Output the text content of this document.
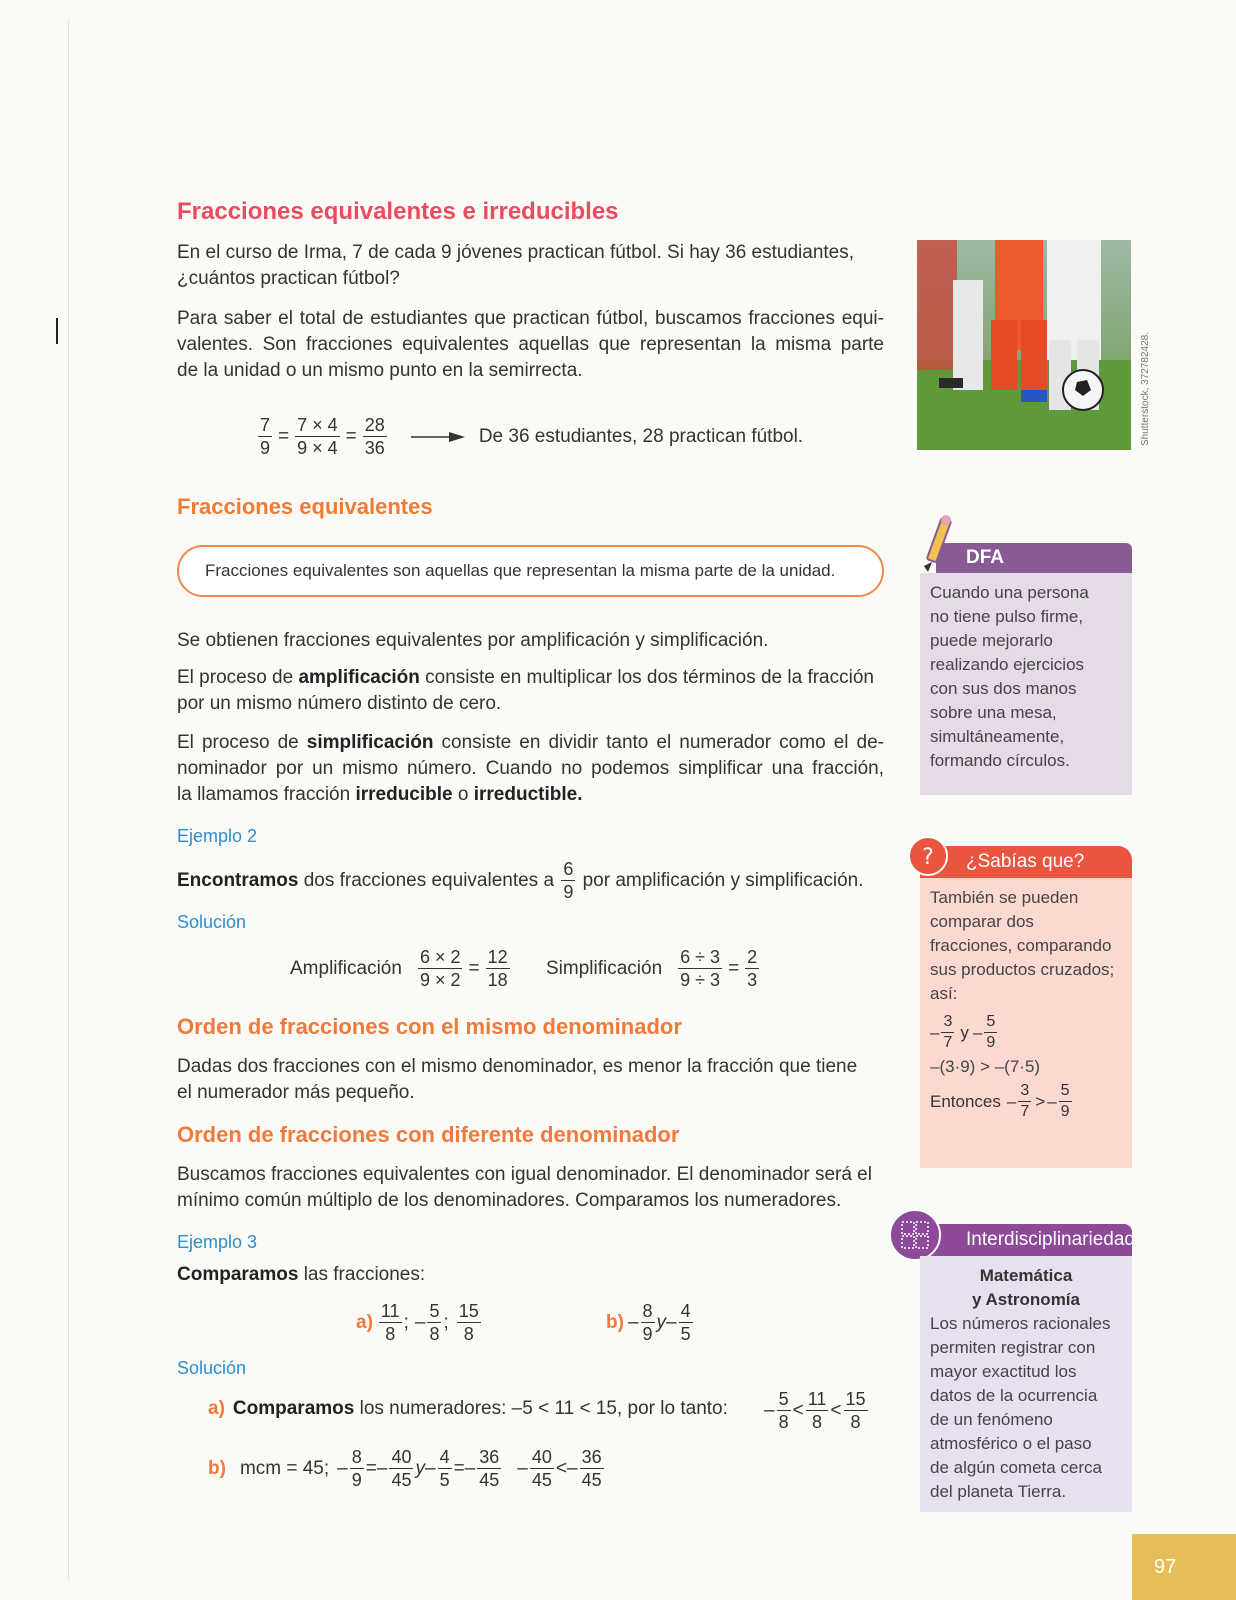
Fracciones equivalentes e irreducibles
En el curso de Irma, 7 de cada 9 jóvenes practican fútbol. Si hay 36 estudiantes,
¿cuántos practican fútbol?
Para saber el total de estudiantes que practican fútbol, buscamos fracciones equi-
valentes. Son fracciones equivalentes aquellas que representan la misma parte
de la unidad o un mismo punto en la semirrecta.
$\frac{7}{9} = \frac{7 \times 4}{9 \times 4} = \frac{28}{36}$	De 36 estudiantes, 28 practican fútbol.	Shutterstock, 372782428.
Fracciones equivalentes
Fracciones equivalentes son aquellas que representan la misma parte de la unidad.
Se obtienen fracciones equivalentes por amplificación y simplificación.
El proceso de amplificación consiste en multiplicar los dos términos de la fracción
por un mismo número distinto de cero.
El proceso de simplificación consiste en dividir tanto el numerador como el de-
nominador por un mismo número. Cuando no podemos simplificar una fracción,
la llamamos fracción irreducible o irreductible.
Ejemplo 2
Encontramos dos fracciones equivalentes a
6
9
por amplificación y simplificación.
Solución
Amplificación $\frac{6 \times 2}{9 \times 2} = \frac{12}{18}$ Simplificación $\frac{6 \div 3}{9 \div 3} = \frac{2}{3}$
Orden de fracciones con el mismo denominador
Dadas dos fracciones con el mismo denominador, es menor la fracción que tiene
el numerador más pequeño.
Orden de fracciones con diferente denominador
Buscamos fracciones equivalentes con igual denominador. El denominador será el
mínimo común múltiplo de los denominadores. Comparamos los numeradores.
Ejemplo 3
Comparamos las fracciones:
a)
11
8
; –
5
8
;
15
8
b) –
8
9
y –
4
5
Solución
a) Comparamos los numeradores: –5 < 11 < 15, por lo tanto: –
5
8
<
11
8
<
15
8
b) mcm = 45; – $\frac{8}{9}$ = –
40
45
y – $\frac{4}{5}$ = –
36
45
–
40
45
< –
36
45
DFA
Cuando una persona
no tiene pulso firme,
puede mejorarlo
realizando ejercicios
con sus dos manos
sobre una mesa,
simultáneamente,
formando círculos.
¿Sabías que?
?
También se pueden
comparar dos
fracciones, comparando
sus productos cruzados;
así:
–
3
7
y –
5
9
–(3·9) > –(7·5)
Entonces –
3
7
> –
5
9
Interdisciplinariedad
Matemática
y Astronomía
Los números racionales
permiten registrar con
mayor exactitud los
datos de la ocurrencia
de un fenómeno
atmosférico o el paso
de algún cometa cerca
del planeta Tierra.
97
